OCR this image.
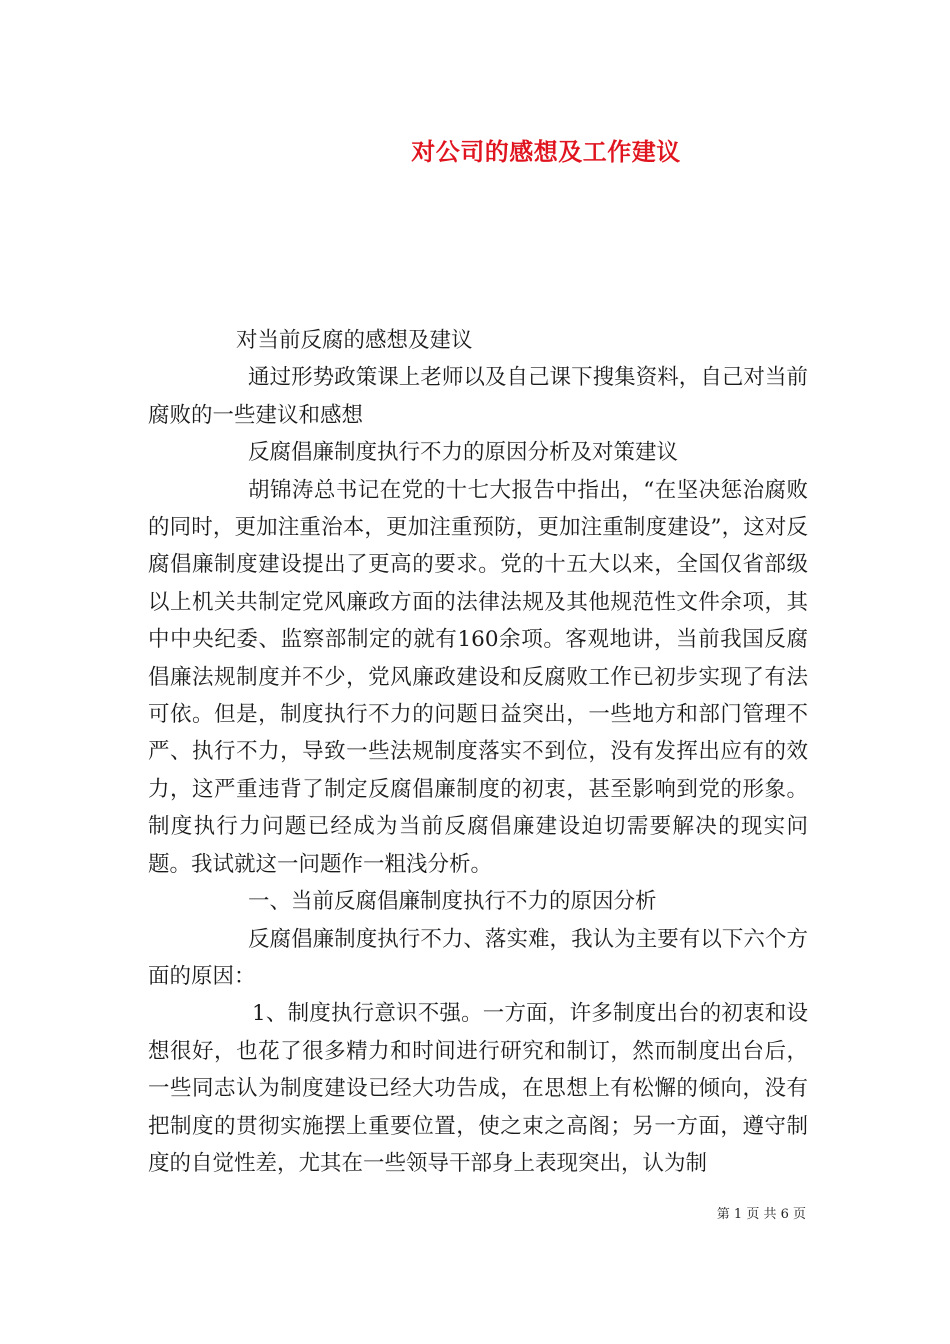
对公司的感想及工作建议

对当前反腐的感想及建议

通过形势政策课上老师以及自己课下搜集资料，自己对当前腐败的一些建议和感想

反腐倡廉制度执行不力的原因分析及对策建议

胡锦涛总书记在党的十七大报告中指出，“在坚决惩治腐败的同时，更加注重治本，更加注重预防，更加注重制度建设”，这对反腐倡廉制度建设提出了更高的要求。党的十五大以来，全国仅省部级以上机关共制定党风廉政方面的法律法规及其他规范性文件余项，其中中央纪委、监察部制定的就有160余项。客观地讲，当前我国反腐倡廉法规制度并不少，党风廉政建设和反腐败工作已初步实现了有法可依。但是，制度执行不力的问题日益突出，一些地方和部门管理不严、执行不力，导致一些法规制度落实不到位，没有发挥出应有的效力，这严重违背了制定反腐倡廉制度的初衷，甚至影响到党的形象。制度执行力问题已经成为当前反腐倡廉建设迫切需要解决的现实问题。我试就这一问题作一粗浅分析。

一、当前反腐倡廉制度执行不力的原因分析

反腐倡廉制度执行不力、落实难，我认为主要有以下六个方面的原因：

1、制度执行意识不强。一方面，许多制度出台的初衷和设想很好，也花了很多精力和时间进行研究和制订，然而制度出台后，一些同志认为制度建设已经大功告成，在思想上有松懈的倾向，没有把制度的贯彻实施摆上重要位置，使之束之高阁；另一方面，遵守制度的自觉性差，尤其在一些领导干部身上表现突出，认为制

第 1 页 共 6 页
